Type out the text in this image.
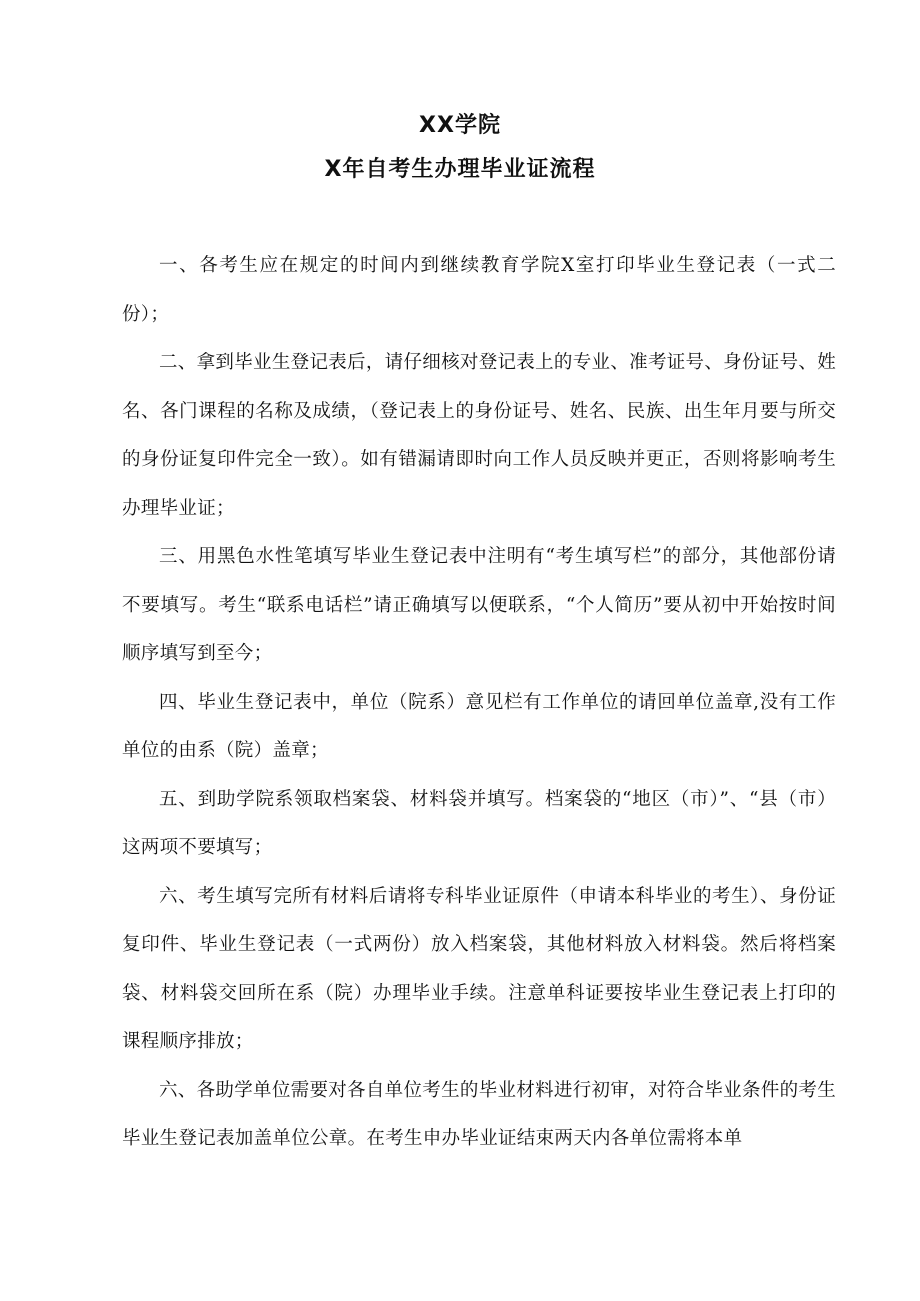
XX学院
X年自考生办理毕业证流程

一、各考生应在规定的时间内到继续教育学院X室打印毕业生登记表（一式二份）；

二、拿到毕业生登记表后，请仔细核对登记表上的专业、准考证号、身份证号、姓名、各门课程的名称及成绩，（登记表上的身份证号、姓名、民族、出生年月要与所交的身份证复印件完全一致）。如有错漏请即时向工作人员反映并更正，否则将影响考生办理毕业证；

三、用黑色水性笔填写毕业生登记表中注明有“考生填写栏”的部分，其他部份请不要填写。考生“联系电话栏”请正确填写以便联系，“个人简历”要从初中开始按时间顺序填写到至今；

四、毕业生登记表中，单位（院系）意见栏有工作单位的请回单位盖章,没有工作单位的由系（院）盖章；

五、到助学院系领取档案袋、材料袋并填写。档案袋的“地区（市）”、“县（市）这两项不要填写；

六、考生填写完所有材料后请将专科毕业证原件（申请本科毕业的考生）、身份证复印件、毕业生登记表（一式两份）放入档案袋，其他材料放入材料袋。然后将档案袋、材料袋交回所在系（院）办理毕业手续。注意单科证要按毕业生登记表上打印的课程顺序排放；

六、各助学单位需要对各自单位考生的毕业材料进行初审，对符合毕业条件的考生毕业生登记表加盖单位公章。在考生申办毕业证结束两天内各单位需将本单
